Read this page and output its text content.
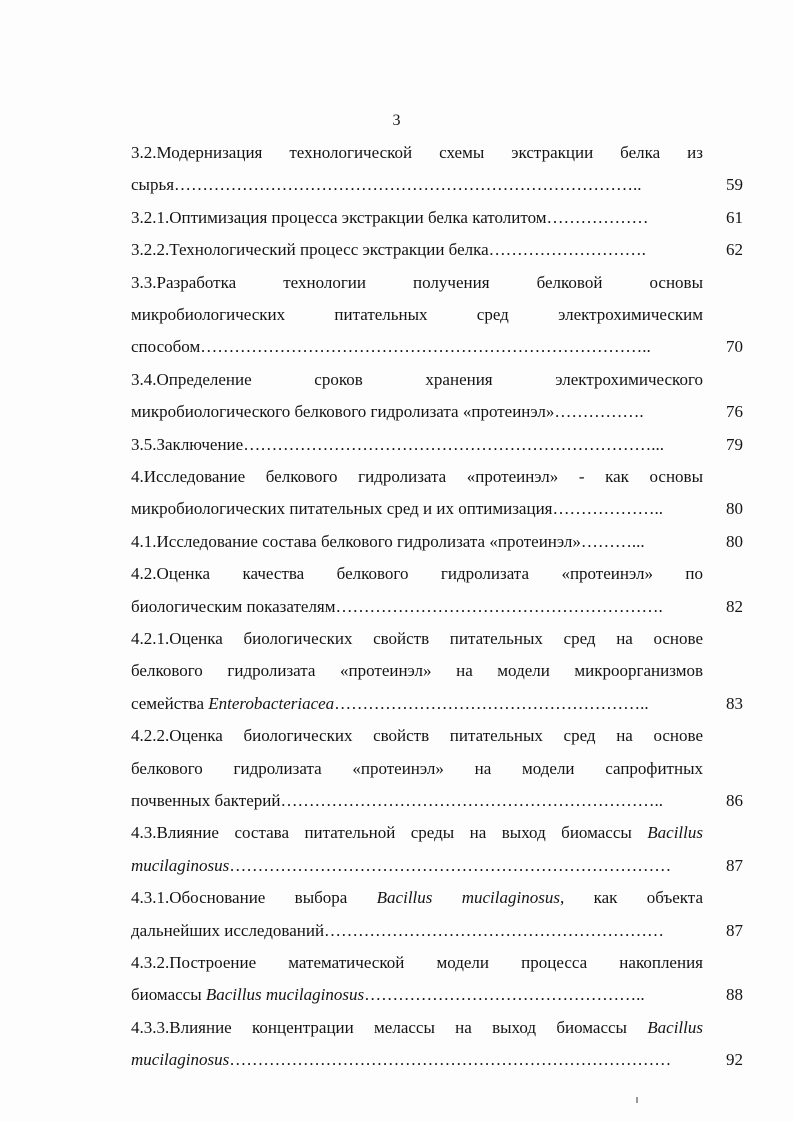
3
3.2.Модернизация технологической схемы экстракции белка из
сырья………………………………………………………………………..	59
3.2.1.Оптимизация процесса экстракции белка католитом………………	61
3.2.2.Технологический процесс экстракции белка……………………….	62
3.3.Разработка технологии получения белковой основы
микробиологических питательных сред электрохимическим
способом……………………………………………………………………..	70
3.4.Определение сроков хранения электрохимического
микробиологического белкового гидролизата «протеинэл»…………….	76
3.5.Заключение………………………………………………………………...	79
4.Исследование белкового гидролизата «протеинэл» - как основы
микробиологических питательных сред и их оптимизация………………..	80
4.1.Исследование состава белкового гидролизата «протеинэл»………...	80
4.2.Оценка качества белкового гидролизата «протеинэл» по
биологическим показателям………………………………………………….	82
4.2.1.Оценка биологических свойств питательных сред на основе
белкового гидролизата «протеинэл» на модели микроорганизмов
семейства Enterobacteriacea………………………………………………..	83
4.2.2.Оценка биологических свойств питательных сред на основе
белкового гидролизата «протеинэл» на модели сапрофитных
почвенных бактерий…………………………………………………………..	86
4.3.Влияние состава питательной среды на выход биомассы Bacillus
mucilaginosus……………………………………………………………………	87
4.3.1.Обоснование выбора Bacillus mucilaginosus, как объекта
дальнейших исследований……………………………………………………	87
4.3.2.Построение математической модели процесса накопления
биомассы Bacillus mucilaginosus…………………………………………..	88
4.3.3.Влияние концентрации мелассы на выход биомассы Bacillus
mucilaginosus……………………………………………………………………	92
